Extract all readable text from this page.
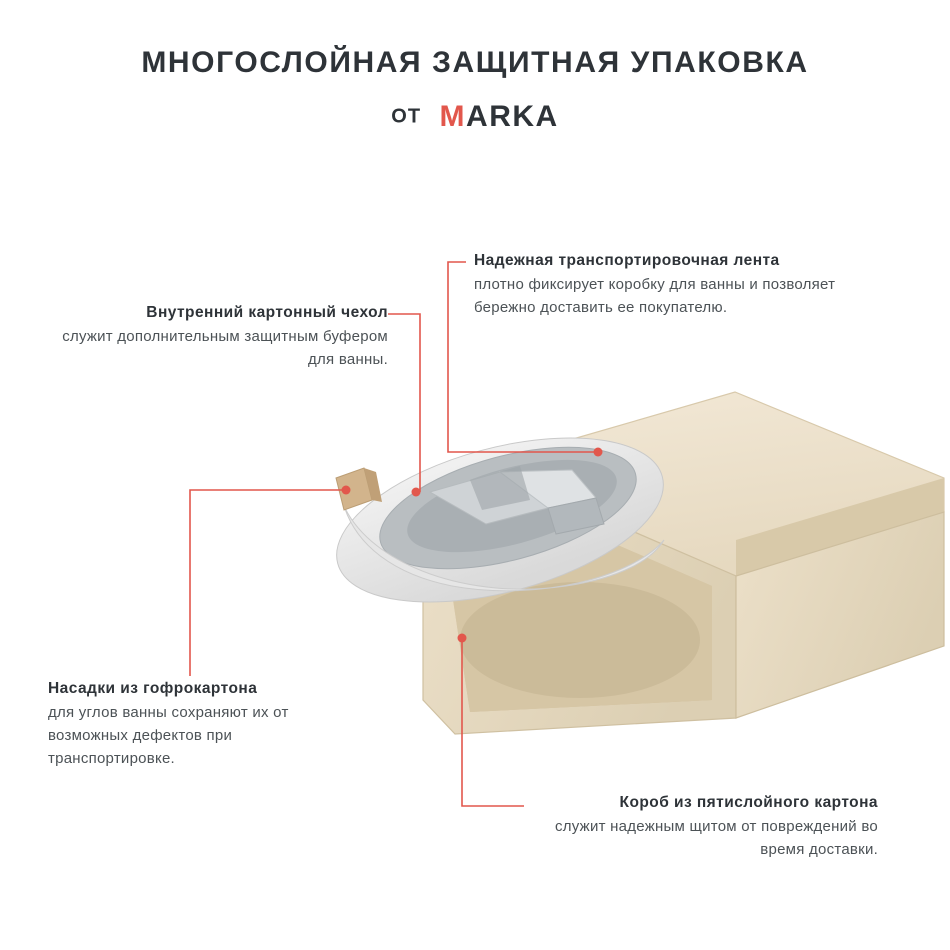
МНОГОСЛОЙНАЯ ЗАЩИТНАЯ УПАКОВКА
ОТ MARKA
Внутренний картонный чехол
служит дополнительным защитным буфером для ванны.
Надежная транспортировочная лента
плотно фиксирует коробку для ванны и позволяет бережно доставить ее покупателю.
Насадки из гофрокартона
для углов ванны сохраняют их от возможных дефектов при транспортировке.
Короб из пятислойного картона
служит надежным щитом от повреждений во время доставки.
